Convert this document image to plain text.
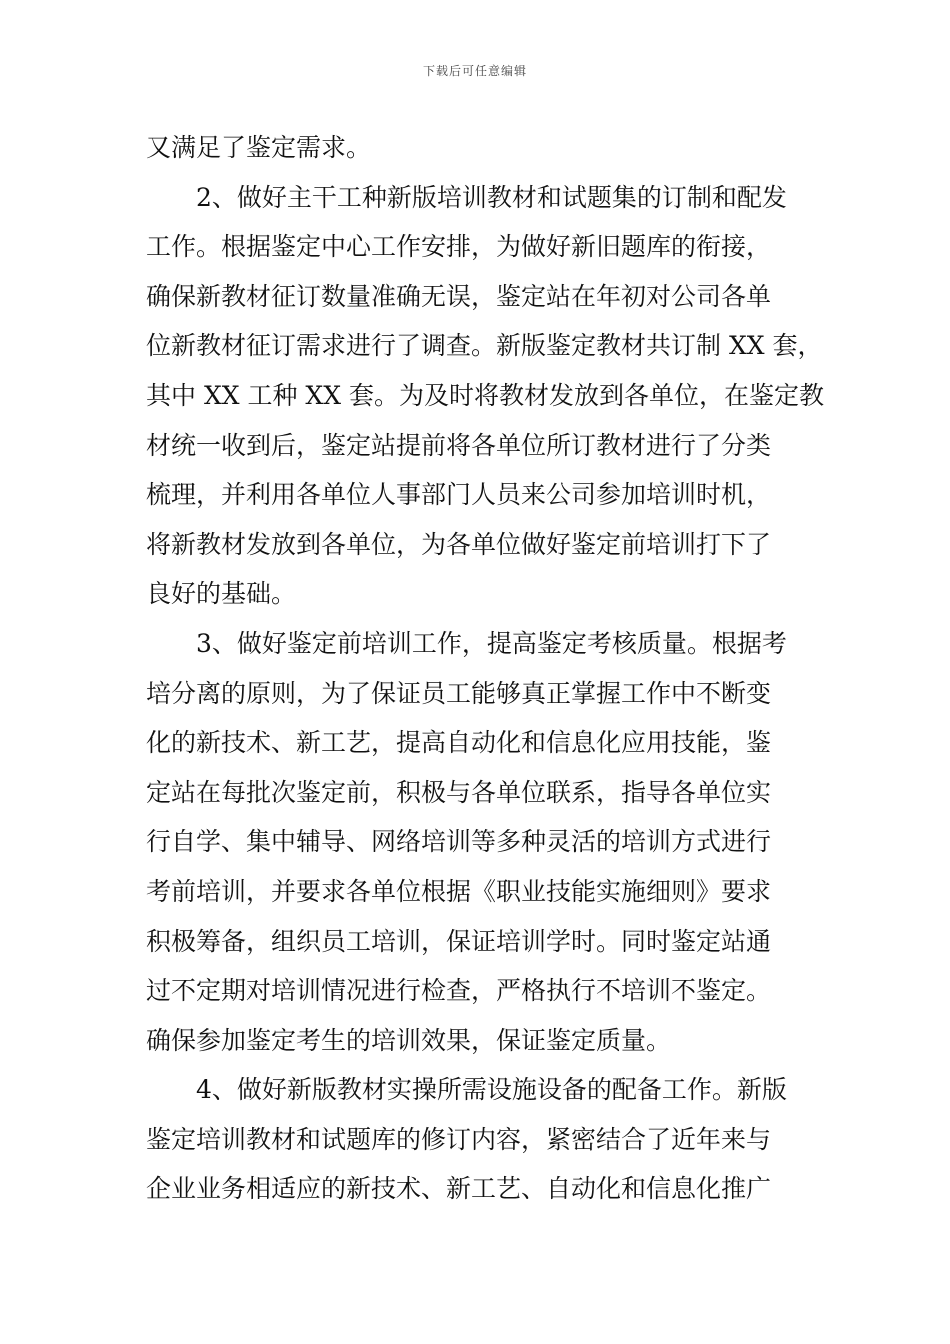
下载后可任意编辑
又满足了鉴定需求。
2、做好主干工种新版培训教材和试题集的订制和配发
工作。根据鉴定中心工作安排，为做好新旧题库的衔接，
确保新教材征订数量准确无误，鉴定站在年初对公司各单
位新教材征订需求进行了调查。新版鉴定教材共订制 XX 套，
其中 XX 工种 XX 套。为及时将教材发放到各单位，在鉴定教
材统一收到后，鉴定站提前将各单位所订教材进行了分类
梳理，并利用各单位人事部门人员来公司参加培训时机，
将新教材发放到各单位，为各单位做好鉴定前培训打下了
良好的基础。
3、做好鉴定前培训工作，提高鉴定考核质量。根据考
培分离的原则，为了保证员工能够真正掌握工作中不断变
化的新技术、新工艺，提高自动化和信息化应用技能，鉴
定站在每批次鉴定前，积极与各单位联系，指导各单位实
行自学、集中辅导、网络培训等多种灵活的培训方式进行
考前培训，并要求各单位根据《职业技能实施细则》要求
积极筹备，组织员工培训，保证培训学时。同时鉴定站通
过不定期对培训情况进行检查，严格执行不培训不鉴定。
确保参加鉴定考生的培训效果，保证鉴定质量。
4、做好新版教材实操所需设施设备的配备工作。新版
鉴定培训教材和试题库的修订内容，紧密结合了近年来与
企业业务相适应的新技术、新工艺、自动化和信息化推广
